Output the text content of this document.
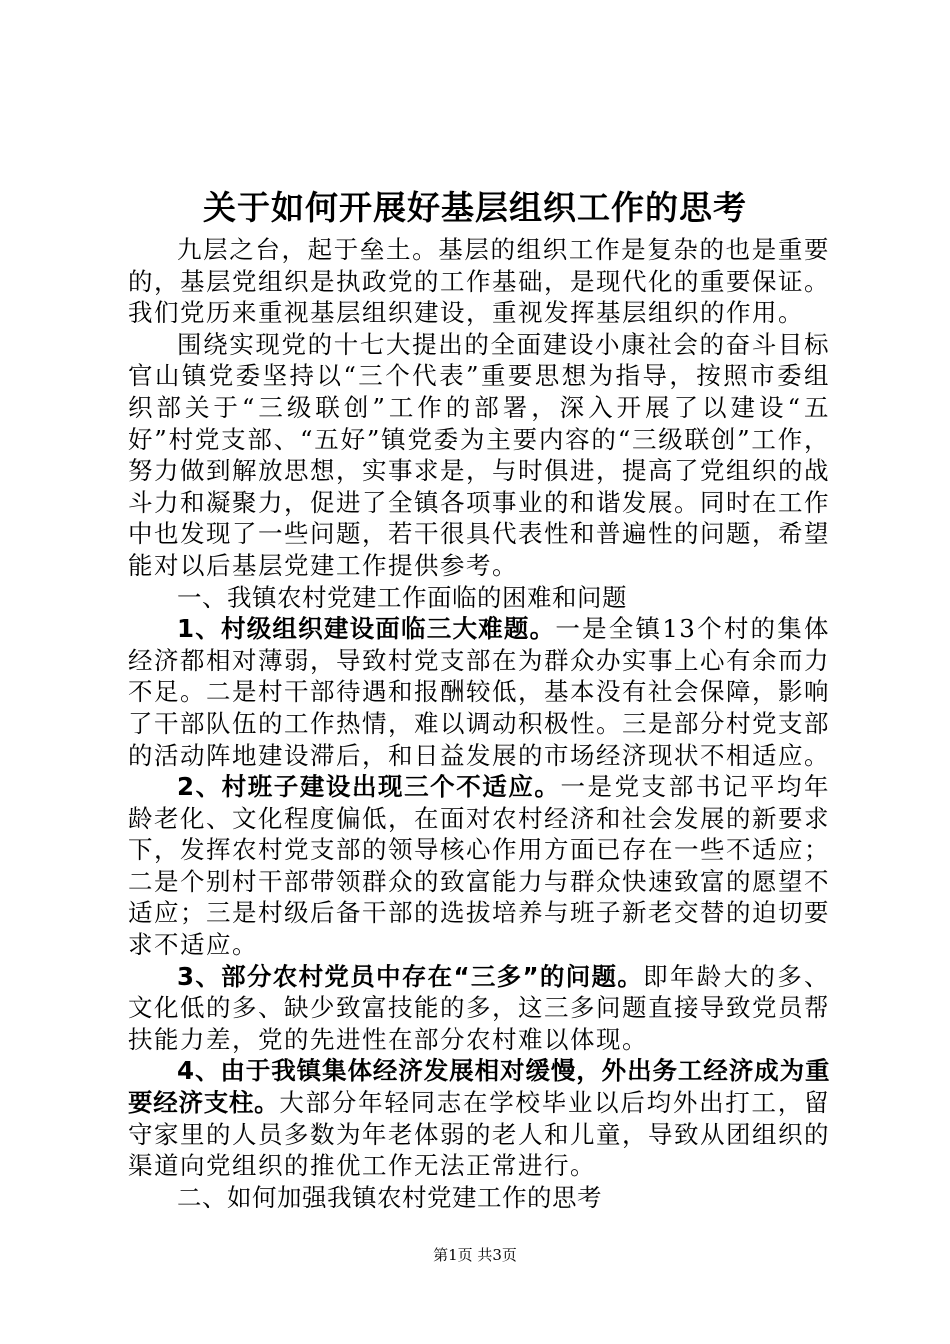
关于如何开展好基层组织工作的思考

九层之台，起于垒土。基层的组织工作是复杂的也是重要的，基层党组织是执政党的工作基础，是现代化的重要保证。我们党历来重视基层组织建设，重视发挥基层组织的作用。

围绕实现党的十七大提出的全面建设小康社会的奋斗目标官山镇党委坚持以“三个代表”重要思想为指导，按照市委组织部关于“三级联创”工作的部署，深入开展了以建设“五好”村党支部、“五好”镇党委为主要内容的“三级联创”工作，努力做到解放思想，实事求是，与时俱进，提高了党组织的战斗力和凝聚力，促进了全镇各项事业的和谐发展。同时在工作中也发现了一些问题，若干很具代表性和普遍性的问题，希望能对以后基层党建工作提供参考。

一、我镇农村党建工作面临的困难和问题

1、村级组织建设面临三大难题。一是全镇13个村的集体经济都相对薄弱，导致村党支部在为群众办实事上心有余而力不足。二是村干部待遇和报酬较低，基本没有社会保障，影响了干部队伍的工作热情，难以调动积极性。三是部分村党支部的活动阵地建设滞后，和日益发展的市场经济现状不相适应。

2、村班子建设出现三个不适应。一是党支部书记平均年龄老化、文化程度偏低，在面对农村经济和社会发展的新要求下，发挥农村党支部的领导核心作用方面已存在一些不适应；二是个别村干部带领群众的致富能力与群众快速致富的愿望不适应；三是村级后备干部的选拔培养与班子新老交替的迫切要求不适应。

3、部分农村党员中存在“三多”的问题。即年龄大的多、文化低的多、缺少致富技能的多，这三多问题直接导致党员帮扶能力差，党的先进性在部分农村难以体现。

4、由于我镇集体经济发展相对缓慢，外出务工经济成为重要经济支柱。大部分年轻同志在学校毕业以后均外出打工，留守家里的人员多数为年老体弱的老人和儿童，导致从团组织的渠道向党组织的推优工作无法正常进行。

二、如何加强我镇农村党建工作的思考

第1页 共3页
